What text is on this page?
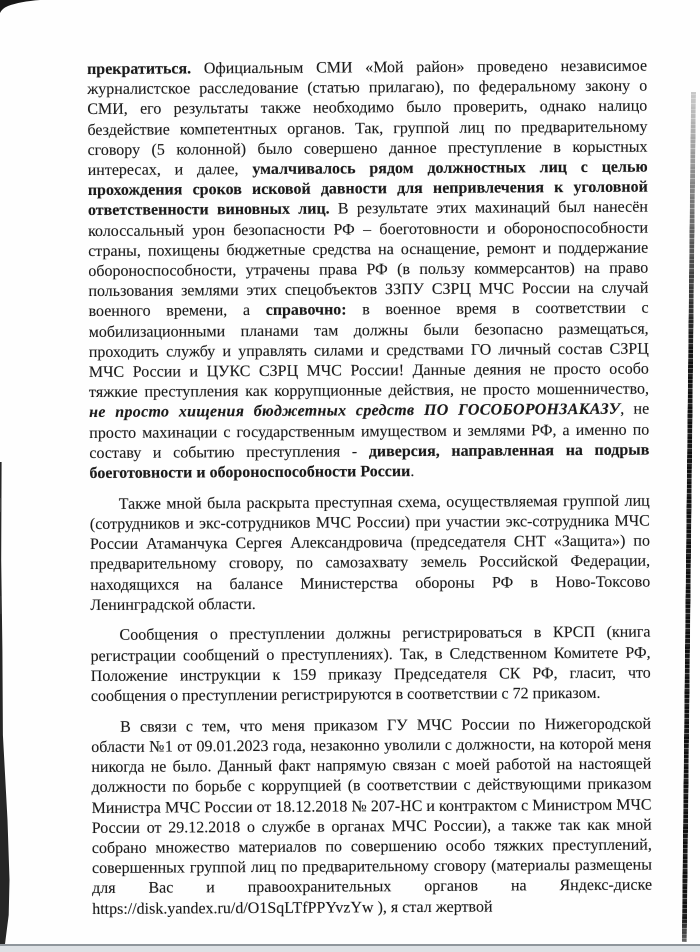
прекратиться. Официальным СМИ «Мой район» проведено независимое журналистское расследование (статью прилагаю), по федеральному закону о СМИ, его результаты также необходимо было проверить, однако налицо бездействие компетентных органов. Так, группой лиц по предварительному сговору (5 колонной) было совершено данное преступление в корыстных интересах, и далее, умалчивалось рядом должностных лиц с целью прохождения сроков исковой давности для непривлечения к уголовной ответственности виновных лиц. В результате этих махинаций был нанесён колоссальный урон безопасности РФ – боеготовности и обороноспособности страны, похищены бюджетные средства на оснащение, ремонт и поддержание обороноспособности, утрачены права РФ (в пользу коммерсантов) на право пользования землями этих спецобъектов ЗЗПУ СЗРЦ МЧС России на случай военного времени, а справочно: в военное время в соответствии с мобилизационными планами там должны были безопасно размещаться, проходить службу и управлять силами и средствами ГО личный состав СЗРЦ МЧС России и ЦУКС СЗРЦ МЧС России! Данные деяния не просто особо тяжкие преступления как коррупционные действия, не просто мошенничество, не просто хищения бюджетных средств ПО ГОСОБОРОНЗАКАЗУ, не просто махинации с государственным имуществом и землями РФ, а именно по составу и событию преступления - диверсия, направленная на подрыв боеготовности и обороноспособности России.

Также мной была раскрыта преступная схема, осуществляемая группой лиц (сотрудников и экс-сотрудников МЧС России) при участии экс-сотрудника МЧС России Атаманчука Сергея Александровича (председателя СНТ «Защита») по предварительному сговору, по самозахвату земель Российской Федерации, находящихся на балансе Министерства обороны РФ в Ново-Токсово Ленинградской области.

Сообщения о преступлении должны регистрироваться в КРСП (книга регистрации сообщений о преступлениях). Так, в Следственном Комитете РФ, Положение инструкции к 159 приказу Председателя СК РФ, гласит, что сообщения о преступлении регистрируются в соответствии с 72 приказом.

В связи с тем, что меня приказом ГУ МЧС России по Нижегородской области №1 от 09.01.2023 года, незаконно уволили с должности, на которой меня никогда не было. Данный факт напрямую связан с моей работой на настоящей должности по борьбе с коррупцией (в соответствии с действующими приказом Министра МЧС России от 18.12.2018 № 207-НС и контрактом с Министром МЧС России от 29.12.2018 о службе в органах МЧС России), а также так как мной собрано множество материалов по совершению особо тяжких преступлений, совершенных группой лиц по предварительному сговору (материалы размещены для Вас и правоохранительных органов на Яндекс-диске https://disk.yandex.ru/d/O1SqLTfPPYvzYw ), я стал жертвой
